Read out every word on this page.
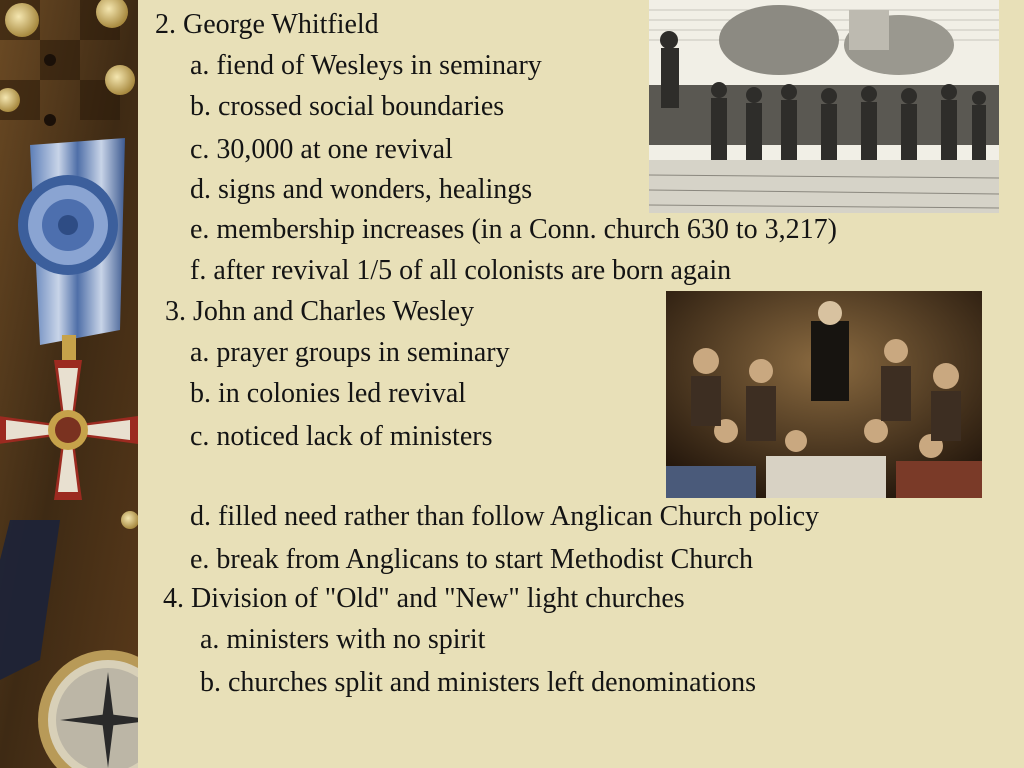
2. George Whitfield
a. fiend of Wesleys in seminary
b. crossed social boundaries
c. 30,000 at one revival
d. signs and wonders, healings
e. membership increases (in a Conn. church 630 to 3,217)
f. after revival 1/5 of all colonists are born again
3. John and Charles Wesley
a. prayer groups in seminary
b. in colonies led revival
c. noticed lack of ministers
d. filled need rather than follow Anglican Church policy
e. break from Anglicans to start Methodist Church
4. Division of "Old" and "New" light churches
a. ministers with no spirit
b. churches split and ministers left denominations
